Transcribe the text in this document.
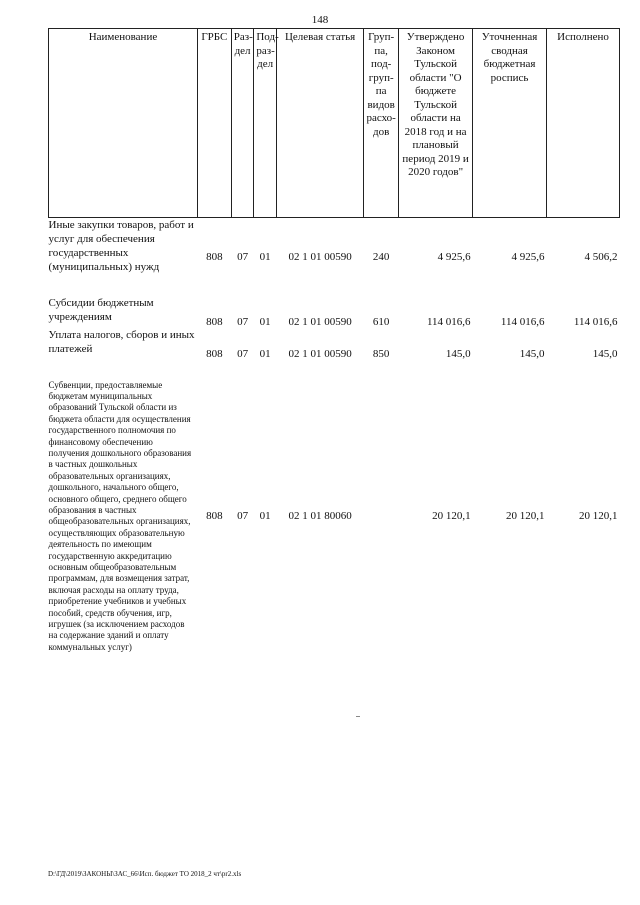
148
Наименование	ГРБС	Раз-дел	Под-раз-дел	Целевая статья	Груп-па, под-груп-па видов расхо-дов	Утверждено Законом Тульской области "О бюджете Тульской области на 2018 год и на плановый период 2019 и 2020 годов"	Уточненная сводная бюджетная роспись	Исполнено
Иные закупки товаров, работ и услуг для обеспечения государственных (муниципальных) нужд	808	07	01	02 1 01 00590	240	4 925,6	4 925,6	4 506,2
Субсидии бюджетным учреждениям	808	07	01	02 1 01 00590	610	114 016,6	114 016,6	114 016,6
Уплата налогов, сборов и иных платежей	808	07	01	02 1 01 00590	850	145,0	145,0	145,0

Субвенции, предоставляемые бюджетам муниципальных образований Тульской области из бюджета области для осуществления государственного полномочия по финансовому обеспечению получения дошкольного образования в частных дошкольных образовательных организациях, дошкольного, начального общего, основного общего, среднего общего образования в частных общеобразовательных организациях, осуществляющих образовательную деятельность по имеющим государственную аккредитацию основным общеобразовательным программам, для возмещения затрат, включая расходы на оплату труда, приобретение учебников и учебных пособий, средств обучения, игр, игрушек (за исключением расходов на содержание зданий и оплату коммунальных услуг)	808	07	01	02 1 01 80060		20 120,1	20 120,1	20 120,1
D:\ГД\2019\ЗАКОНЫ\ЗАС_66\Исп. бюджет ТО 2018_2 чт\pr2.xls
